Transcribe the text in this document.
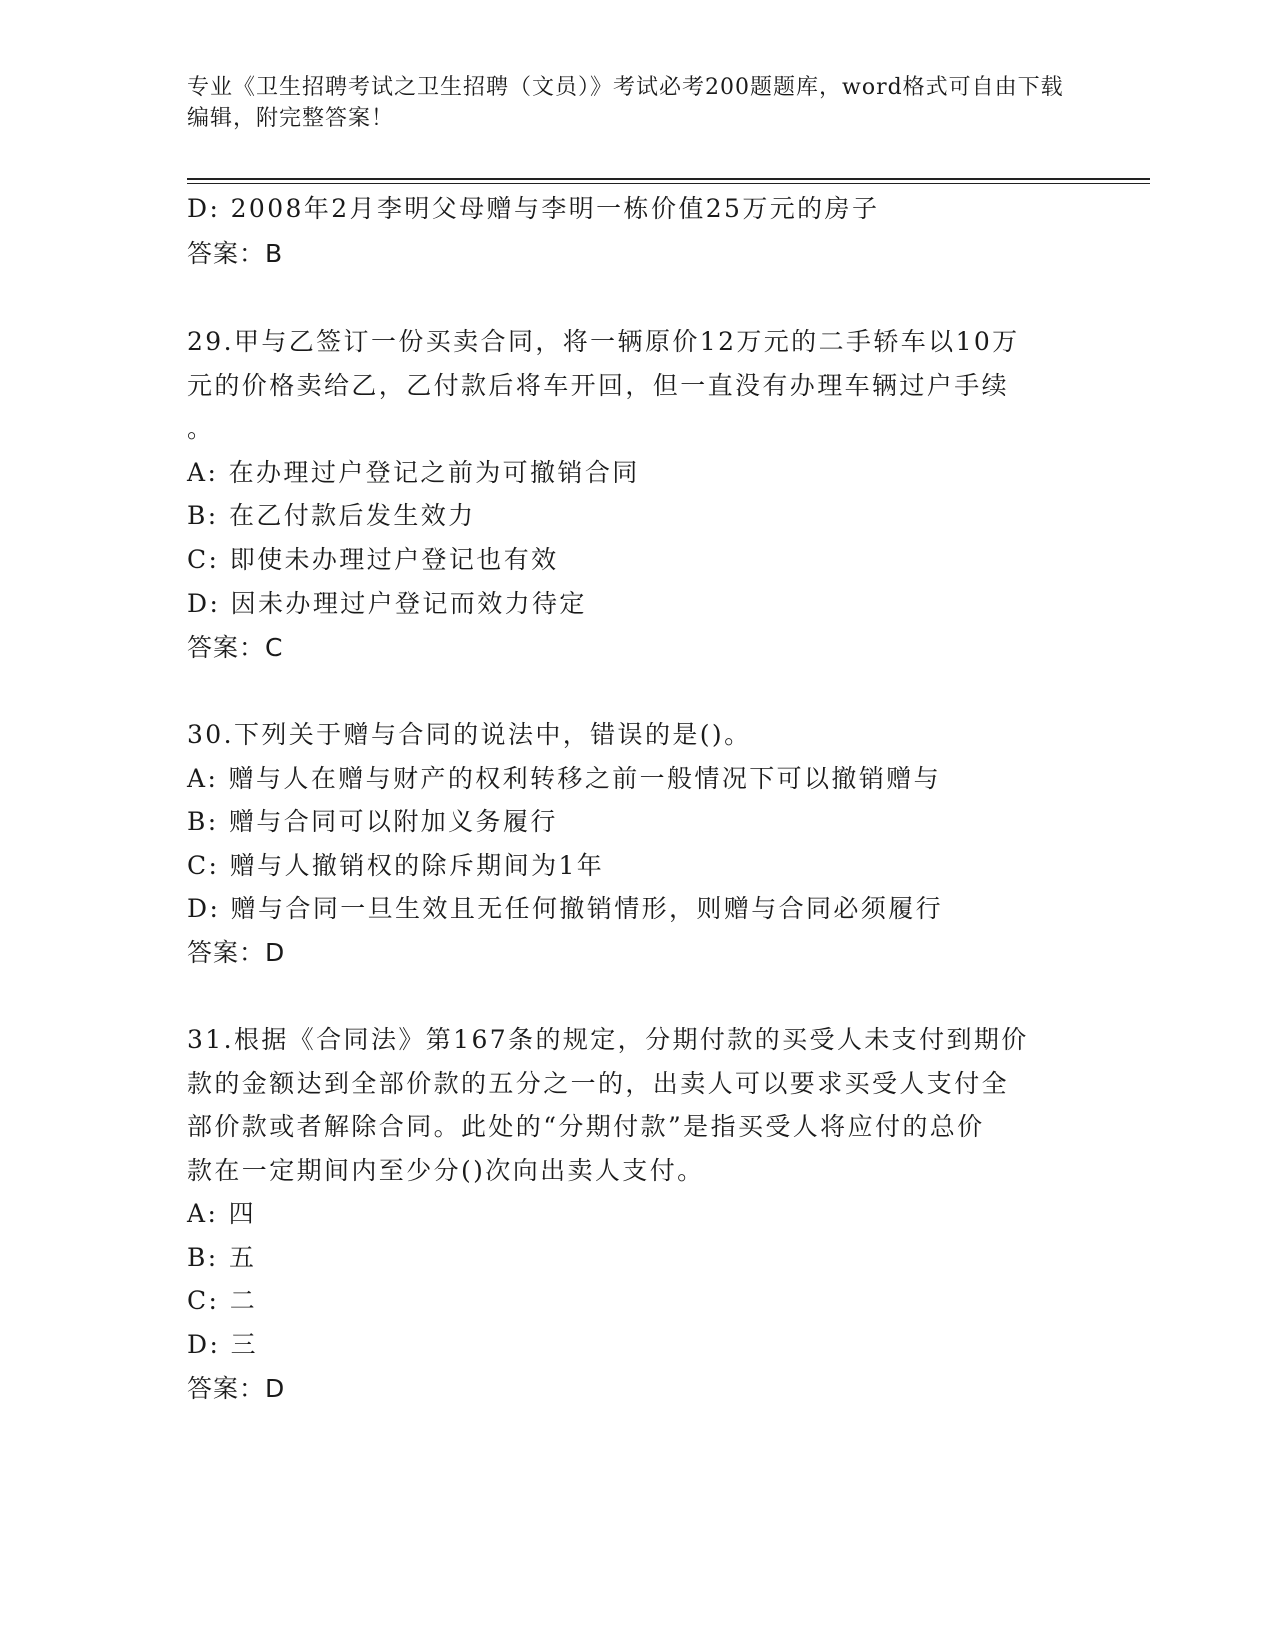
专业《卫生招聘考试之卫生招聘（文员）》考试必考200题题库，word格式可自由下载编辑，附完整答案！

D: 2008年2月李明父母赠与李明一栋价值25万元的房子

答案：B

29.甲与乙签订一份买卖合同，将一辆原价12万元的二手轿车以10万

元的价格卖给乙，乙付款后将车开回，但一直没有办理车辆过户手续

。

A: 在办理过户登记之前为可撤销合同

B: 在乙付款后发生效力

C: 即使未办理过户登记也有效

D: 因未办理过户登记而效力待定

答案：C

30.下列关于赠与合同的说法中，错误的是()。

A: 赠与人在赠与财产的权利转移之前一般情况下可以撤销赠与

B: 赠与合同可以附加义务履行

C: 赠与人撤销权的除斥期间为1年

D: 赠与合同一旦生效且无任何撤销情形，则赠与合同必须履行

答案：D

31.根据《合同法》第167条的规定，分期付款的买受人未支付到期价

款的金额达到全部价款的五分之一的，出卖人可以要求买受人支付全

部价款或者解除合同。此处的“分期付款”是指买受人将应付的总价

款在一定期间内至少分()次向出卖人支付。

A: 四

B: 五

C: 二

D: 三

答案：D
